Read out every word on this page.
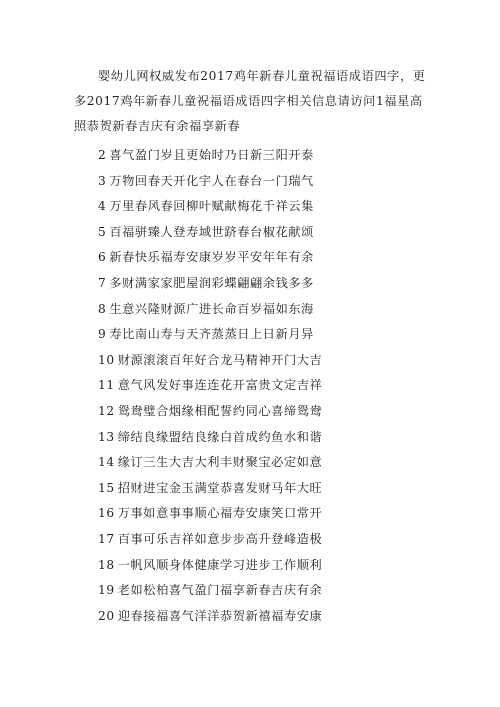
婴幼儿网权威发布2017鸡年新春儿童祝福语成语四字，更多2017鸡年新春儿童祝福语成语四字相关信息请访问1福星高照恭贺新春吉庆有余福享新春
2 喜气盈门岁且更始时乃日新三阳开泰
3 万物回春天开化宇人在春台一门瑞气
4 万里春风春回柳叶赋献梅花千祥云集
5 百福骈臻人登寿域世跻春台椒花献颂
6 新春快乐福寿安康岁岁平安年年有余
7 多财满家家肥屋润彩蝶翩翩余钱多多
8 生意兴隆财源广进长命百岁福如东海
9 寿比南山寿与天齐蒸蒸日上日新月异
10 财源滚滚百年好合龙马精神开门大吉
11 意气风发好事连连花开富贵文定吉祥
12 鸳鸯璧合烟缘相配誓约同心喜缔鸳鸯
13 缔结良缘盟结良缘白首成约鱼水和谐
14 缘订三生大吉大利丰财聚宝必定如意
15 招财进宝金玉满堂恭喜发财马年大旺
16 万事如意事事顺心福寿安康笑口常开
17 百事可乐吉祥如意步步高升登峰造极
18 一帆风顺身体健康学习进步工作顺利
19 老如松柏喜气盈门福享新春吉庆有余
20 迎春接福喜气洋洋恭贺新禧福寿安康
